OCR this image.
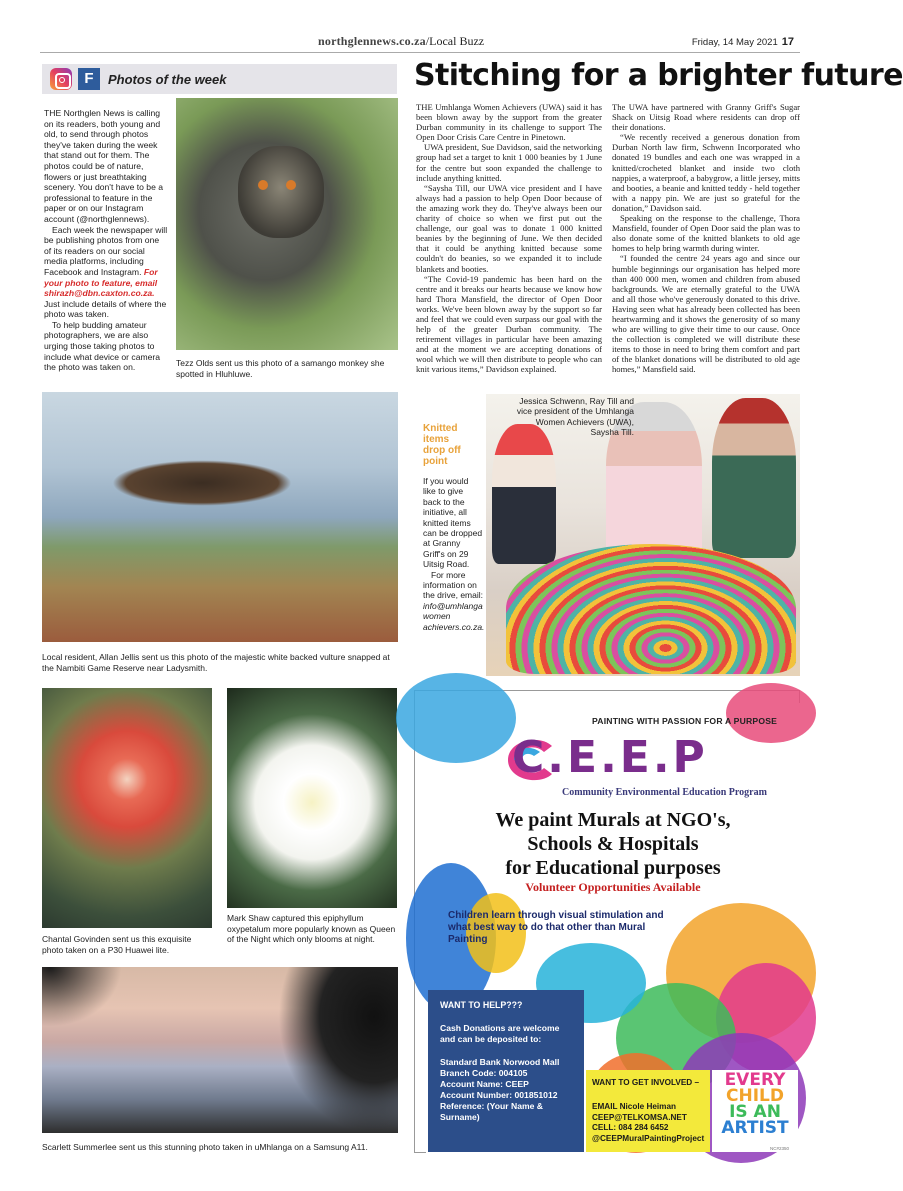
northglennews.co.za/Local Buzz	Friday, 14 May 2021 17
F	Photos of the week

THE Northglen News is calling on its readers, both young and old, to send through photos they've taken during the week that stand out for them. The photos could be of nature, flowers or just breathtaking scenery. You don't have to be a professional to feature in the paper or on our Instagram account (@northglennews).

Each week the newspaper will be publishing photos from one of its readers on our social media platforms, including Facebook and Instagram. For your photo to feature, email shirazh@dbn.caxton.co.za. Just include details of where the photo was taken.

To help budding amateur photographers, we are also urging those taking photos to include what device or camera the photo was taken on.	Tezz Olds sent us this photo of a samango monkey she spotted in Hluhluwe.
Local resident, Allan Jellis sent us this photo of the majestic white backed vulture snapped at the Nambiti Game Reserve near Ladysmith.
Chantal Govinden sent us this exquisite photo taken on a P30 Huawei lite.
Mark Shaw captured this epiphyllum oxypetalum more popularly known as Queen of the Night which only blooms at night.
Scarlett Summerlee sent us this stunning photo taken in uMhlanga on a Samsung A11.
Stitching for a brighter future

THE Umhlanga Women Achievers (UWA) said it has been blown away by the support from the greater Durban community in its challenge to support The Open Door Crisis Care Centre in Pinetown.

UWA president, Sue Davidson, said the networking group had set a target to knit 1 000 beanies by 1 June for the centre but soon expanded the challenge to include anything knitted.

“Saysha Till, our UWA vice president and I have always had a passion to help Open Door because of the amazing work they do. They've always been our charity of choice so when we first put out the challenge, our goal was to donate 1 000 knitted beanies by the beginning of June. We then decided that it could be anything knitted because some couldn't do beanies, so we expanded it to include blankets and booties.

“The Covid-19 pandemic has been hard on the centre and it breaks our hearts because we know how hard Thora Mansfield, the director of Open Door works. We've been blown away by the support so far and feel that we could even surpass our goal with the help of the greater Durban community. The retirement villages in particular have been amazing and at the moment we are accepting donations of wool which we will then distribute to people who can knit various items,” Davidson explained.

The UWA have partnered with Granny Griff's Sugar Shack on Uitsig Road where residents can drop off their donations.

“We recently received a generous donation from Durban North law firm, Schwenn Incorporated who donated 19 bundles and each one was wrapped in a knitted/crocheted blanket and inside two cloth nappies, a waterproof, a babygrow, a little jersey, mitts and booties, a beanie and knitted teddy - held together with a nappy pin. We are just so grateful for the donation,” Davidson said.

Speaking on the response to the challenge, Thora Mansfield, founder of Open Door said the plan was to also donate some of the knitted blankets to old age homes to help bring warmth during winter.

“I founded the centre 24 years ago and since our humble beginnings our organisation has helped more than 400 000 men, women and children from abused backgrounds. We are eternally grateful to the UWA and all those who've generously donated to this drive. Having seen what has already been collected has been heartwarming and it shows the generosity of so many who are willing to give their time to our cause. Once the collection is completed we will distribute these items to those in need to bring them comfort and part of the blanket donations will be distributed to old age homes,” Mansfield said.

Knitted
items
drop off
point

If you would like to give back to the initiative, all knitted items can be dropped at Granny Griff's on 29 Uitsig Road.

For more information on the drive, email: info@umhlanga women achievers.co.za.

Jessica Schwenn, Ray Till and vice president of the Umhlanga Women Achievers (UWA), Saysha Till.
PAINTING WITH PASSION FOR A PURPOSE
C.E.E.P
Community Environmental Education Program
We paint Murals at NGO's,
Schools & Hospitals
for Educational purposes
Volunteer Opportunities Available
Children learn through visual stimulation and what best way to do that other than Mural Painting
WANT TO HELP???

Cash Donations are welcome and can be deposited to:

Standard Bank Norwood Mall
Branch Code: 004105
Account Name: CEEP
Account Number: 001851012
Reference: (Your Name & Surname)
WANT TO GET INVOLVED –
EMAIL Nicole Heiman
CEEP@TELKOMSA.NET
CELL: 084 284 6452
@CEEPMuralPaintingProject
EVERY
CHILD
IS AN
ARTIST
NC#2350
